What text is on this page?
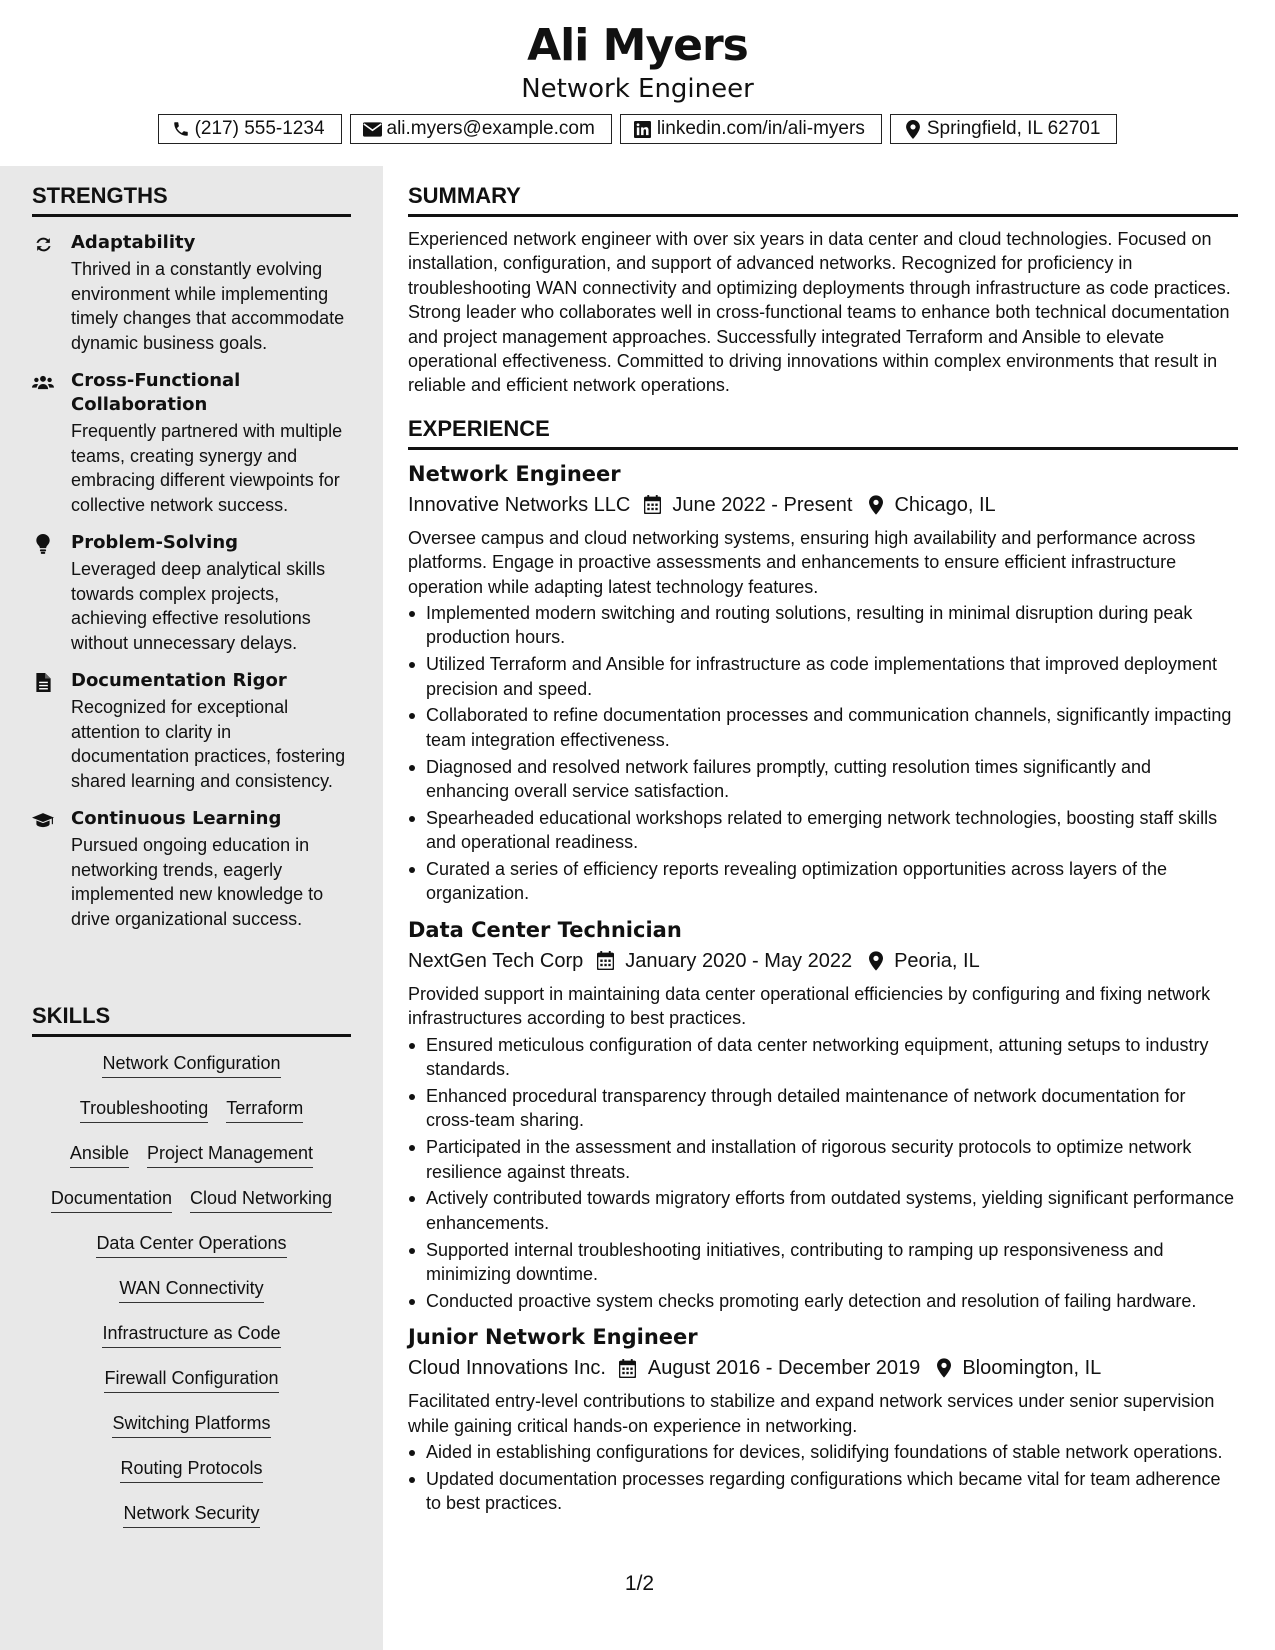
Ali Myers
Network Engineer
(217) 555-1234	ali.myers@example.com	linkedin.com/in/ali-myers	Springfield, IL 62701
STRENGTHS
Adaptability
Thrived in a constantly evolving environment while implementing timely changes that accommodate dynamic business goals.
Cross-Functional Collaboration
Frequently partnered with multiple teams, creating synergy and embracing different viewpoints for collective network success.
Problem-Solving
Leveraged deep analytical skills towards complex projects, achieving effective resolutions without unnecessary delays.
Documentation Rigor
Recognized for exceptional attention to clarity in documentation practices, fostering shared learning and consistency.
Continuous Learning
Pursued ongoing education in networking trends, eagerly implemented new knowledge to drive organizational success.
SKILLS
Network Configuration
Troubleshooting Terraform
Ansible Project Management
Documentation Cloud Networking
Data Center Operations
WAN Connectivity
Infrastructure as Code
Firewall Configuration
Switching Platforms
Routing Protocols
Network Security
SUMMARY
Experienced network engineer with over six years in data center and cloud technologies. Focused on installation, configuration, and support of advanced networks. Recognized for proficiency in troubleshooting WAN connectivity and optimizing deployments through infrastructure as code practices. Strong leader who collaborates well in cross-functional teams to enhance both technical documentation and project management approaches. Successfully integrated Terraform and Ansible to elevate operational effectiveness. Committed to driving innovations within complex environments that result in reliable and efficient network operations.
EXPERIENCE
Network Engineer
Innovative Networks LLC June 2022 - Present Chicago, IL
Oversee campus and cloud networking systems, ensuring high availability and performance across platforms. Engage in proactive assessments and enhancements to ensure efficient infrastructure operation while adapting latest technology features.
Implemented modern switching and routing solutions, resulting in minimal disruption during peak production hours.
Utilized Terraform and Ansible for infrastructure as code implementations that improved deployment precision and speed.
Collaborated to refine documentation processes and communication channels, significantly impacting team integration effectiveness.
Diagnosed and resolved network failures promptly, cutting resolution times significantly and enhancing overall service satisfaction.
Spearheaded educational workshops related to emerging network technologies, boosting staff skills and operational readiness.
Curated a series of efficiency reports revealing optimization opportunities across layers of the organization.
Data Center Technician
NextGen Tech Corp January 2020 - May 2022 Peoria, IL
Provided support in maintaining data center operational efficiencies by configuring and fixing network infrastructures according to best practices.
Ensured meticulous configuration of data center networking equipment, attuning setups to industry standards.
Enhanced procedural transparency through detailed maintenance of network documentation for cross-team sharing.
Participated in the assessment and installation of rigorous security protocols to optimize network resilience against threats.
Actively contributed towards migratory efforts from outdated systems, yielding significant performance enhancements.
Supported internal troubleshooting initiatives, contributing to ramping up responsiveness and minimizing downtime.
Conducted proactive system checks promoting early detection and resolution of failing hardware.
Junior Network Engineer
Cloud Innovations Inc. August 2016 - December 2019 Bloomington, IL
Facilitated entry-level contributions to stabilize and expand network services under senior supervision while gaining critical hands-on experience in networking.
Aided in establishing configurations for devices, solidifying foundations of stable network operations.
Updated documentation processes regarding configurations which became vital for team adherence to best practices.
1/2
